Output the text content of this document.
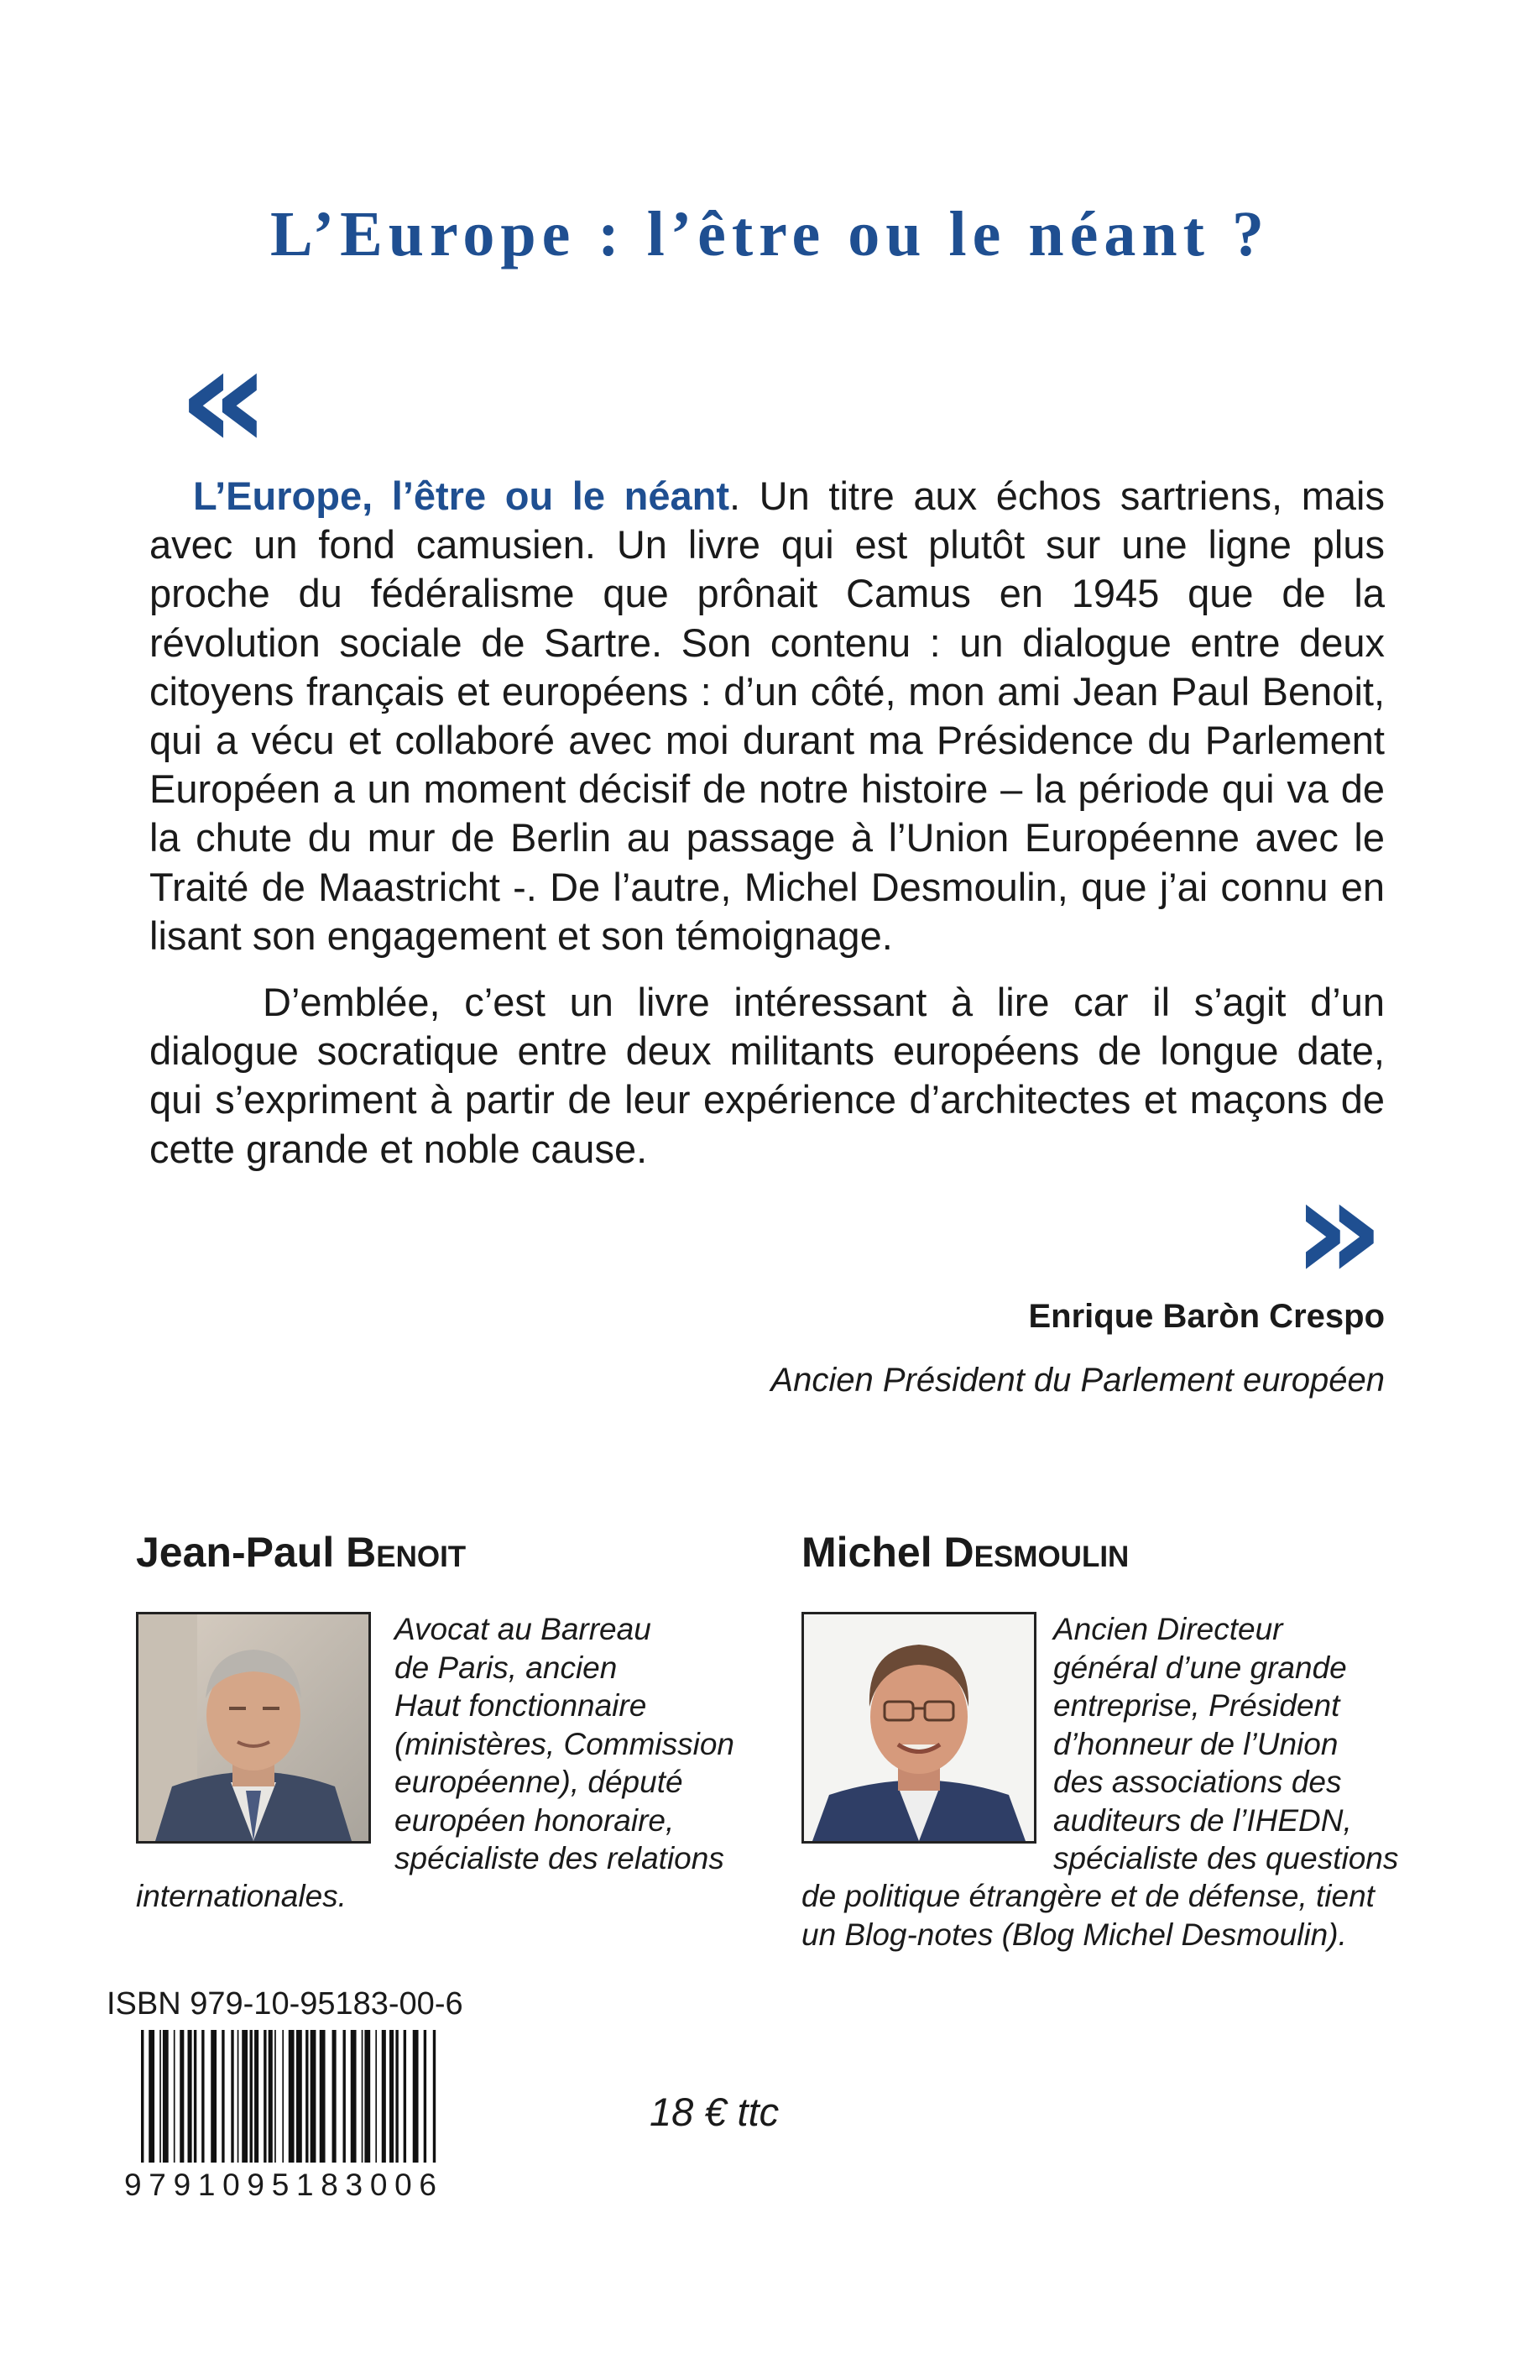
L’Europe : l’être ou le néant ?
«
L’Europe, l’être ou le néant. Un titre aux échos sartriens, mais avec un fond camusien. Un livre qui est plutôt sur une ligne plus proche du fédéralisme que prônait Camus en 1945 que de la révolution sociale de Sartre. Son contenu : un dialogue entre deux citoyens français et européens : d’un côté, mon ami Jean Paul Benoit, qui a vécu et collaboré avec moi durant ma Présidence du Parlement Européen a un moment décisif de notre histoire – la période qui va de la chute du mur de Berlin au passage à l’Union Européenne avec le Traité de Maastricht -. De l’autre, Michel Desmoulin, que j’ai connu en lisant son engagement et son témoignage.
D’emblée, c’est un livre intéressant à lire car il s’agit d’un dialogue socratique entre deux militants européens de longue date, qui s’expriment à partir de leur expérience d’architectes et maçons de cette grande et noble cause.	»
Enrique Baròn Crespo
Ancien Président du Parlement européen
Jean-Paul Benoit
Avocat au Barreau
de Paris, ancien
Haut fonctionnaire
(ministères, Commission
européenne), député
européen honoraire,
spécialiste des relations
internationales.
Michel Desmoulin
Ancien Directeur
général d’une grande
entreprise, Président
d’honneur de l’Union
des associations des
auditeurs de l’IHEDN,
spécialiste des questions
de politique étrangère et de défense, tient
un Blog-notes (Blog Michel Desmoulin).
ISBN 979-10-95183-00-6
9 7 9 1 0 9 5 1 8 3 0 0 6
18 € ttc
